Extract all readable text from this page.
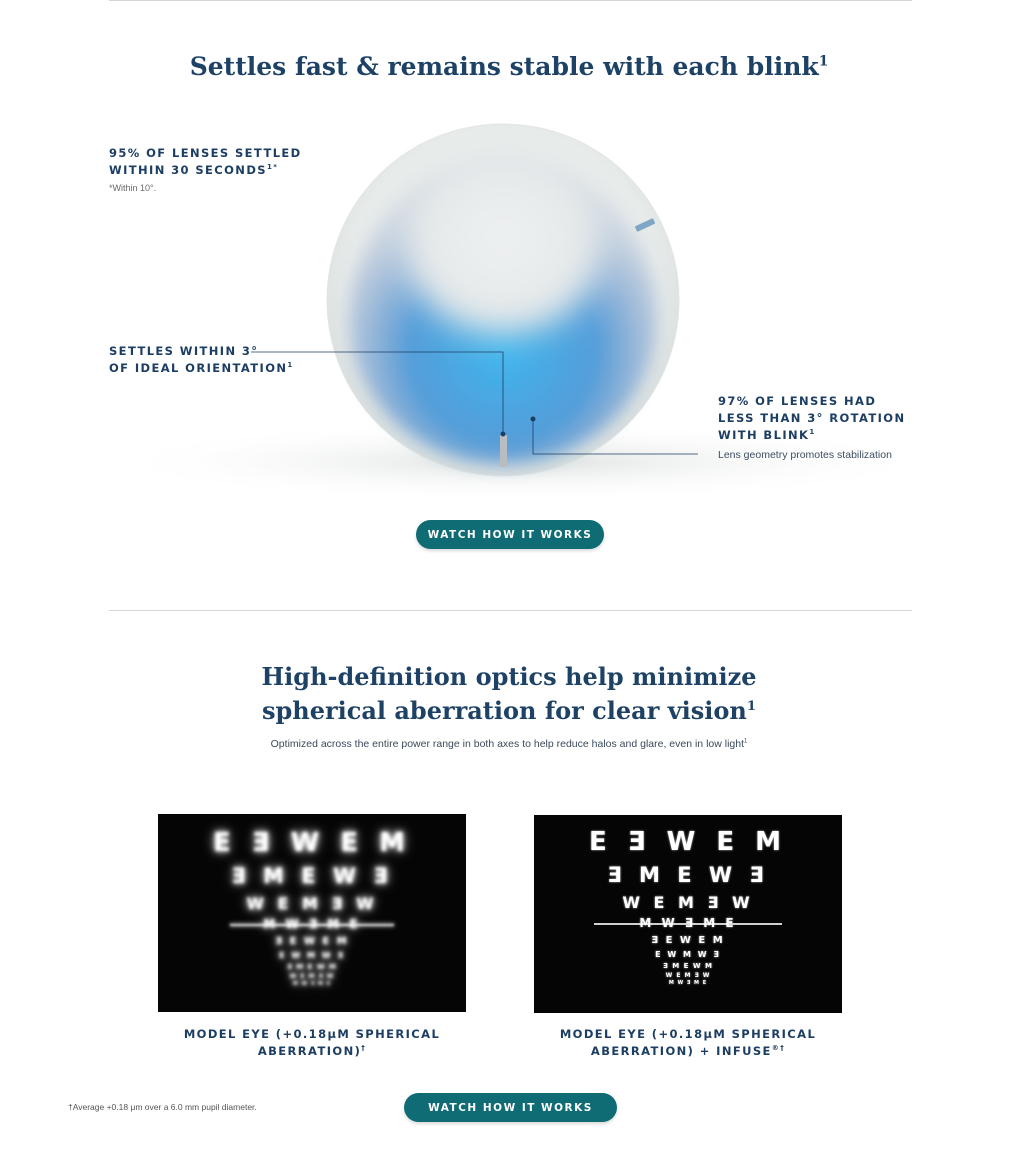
Settles fast & remains stable with each blink$^1$
95% OF LENSES SETTLED
WITHIN 30 $SECONDS^{1*}$
*Within 10°.
SETTLES WITHIN 3°
OF IDEAL ORIENTATION$^1$
97% OF LENSES HAD
LESS THAN 3° ROTATION
WITH BLINK$^1$
Lens geometry promotes stabilization
WATCH HOW IT WORKS
High-definition optics help minimize
spherical aberration for clear vision$^1$
Optimized across the entire power range in both axes to help reduce halos and glare, even in low light$^1$
E Ǝ W E M
Ǝ M E W Ǝ
W E M Ǝ W
M W Ǝ M E
Ǝ E W E M
E W M W Ǝ
Ǝ M E W M
W E M Ǝ W
M W Ǝ M E
E Ǝ W E M
Ǝ M E W Ǝ
W E M Ǝ W
M W Ǝ M E
Ǝ E W E M
E W M W Ǝ
Ǝ M E W M
W E M Ǝ W
M W Ǝ M E
MODEL EYE (+0.18μM SPHERICAL
ABERRATION)†
MODEL EYE (+0.18μM SPHERICAL
ABERRATION) + INFUSE®†
†Average +0.18 μm over a 6.0 mm pupil diameter.	WATCH HOW IT WORKS
